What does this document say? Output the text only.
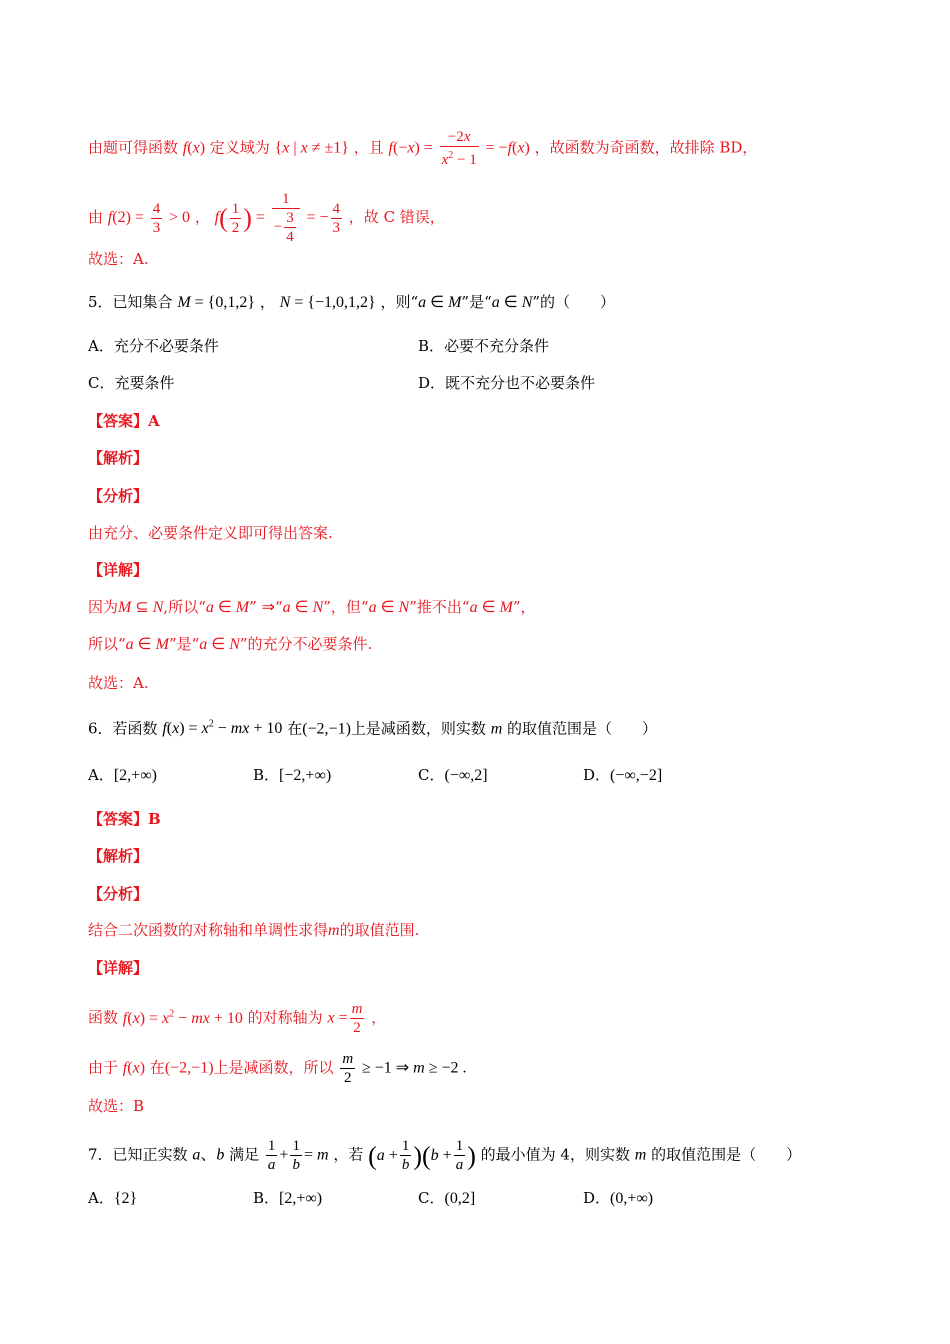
由题可得函数 f(x) 定义域为 {x | x ≠ ±1} ，且 $f(-x) = \frac{-2x}{x^2 - 1} = -f(x)$ ，故函数为奇函数，故排除 BD，
由 $f(2) = \frac{4}{3} > 0$ ， $f( \frac{1}{2}$ ) = $\frac{1}{- \frac{3}{4}}$ = − $\frac{4}{3}$ ，故 C 错误，
故选：A.
5．已知集合 M = {0,1,2} ， N = {−1,0,1,2} ，则“a ∈ M”是“a ∈ N”的（　　）
A．充分不必要条件	B．必要不充分条件
C．充要条件	D．既不充分也不必要条件
【答案】A
【解析】
【分析】
由充分、必要条件定义即可得出答案.
【详解】
因为M ⊆ N,所以“a ∈ M” ⇒“a ∈ N”，但“a ∈ N”推不出“a ∈ M”，
所以“a ∈ M”是“a ∈ N”的充分不必要条件.
故选：A.
6．若函数 $f(x) = x^2$ − mx + 10 在(−2,−1)上是减函数，则实数 m 的取值范围是（　　）
A．[2,+∞)	B．[−2,+∞)	C．(−∞,2]	D．(−∞,−2]
【答案】B
【解析】
【分析】
结合二次函数的对称轴和单调性求得m的取值范围.
【详解】
函数 $f(x) = x^2$ − mx + 10 的对称轴为 $x = \frac{m}{2}$ ，
由于 f(x) 在(−2,−1)上是减函数，所以 $\frac{m}{2} \ge -1$ ⇒ m ≥ −2 .
故选：B
7．已知正实数 a、b 满足 $\frac{1}{a} + \frac{1}{b} = m$ ，若 $(a + \frac{1}{b} )(b + \frac{1}{a}$ ) 的最小值为 4，则实数 m 的取值范围是（　　）
A．{2}	B．[2,+∞)	C．(0,2]	D．(0,+∞)
